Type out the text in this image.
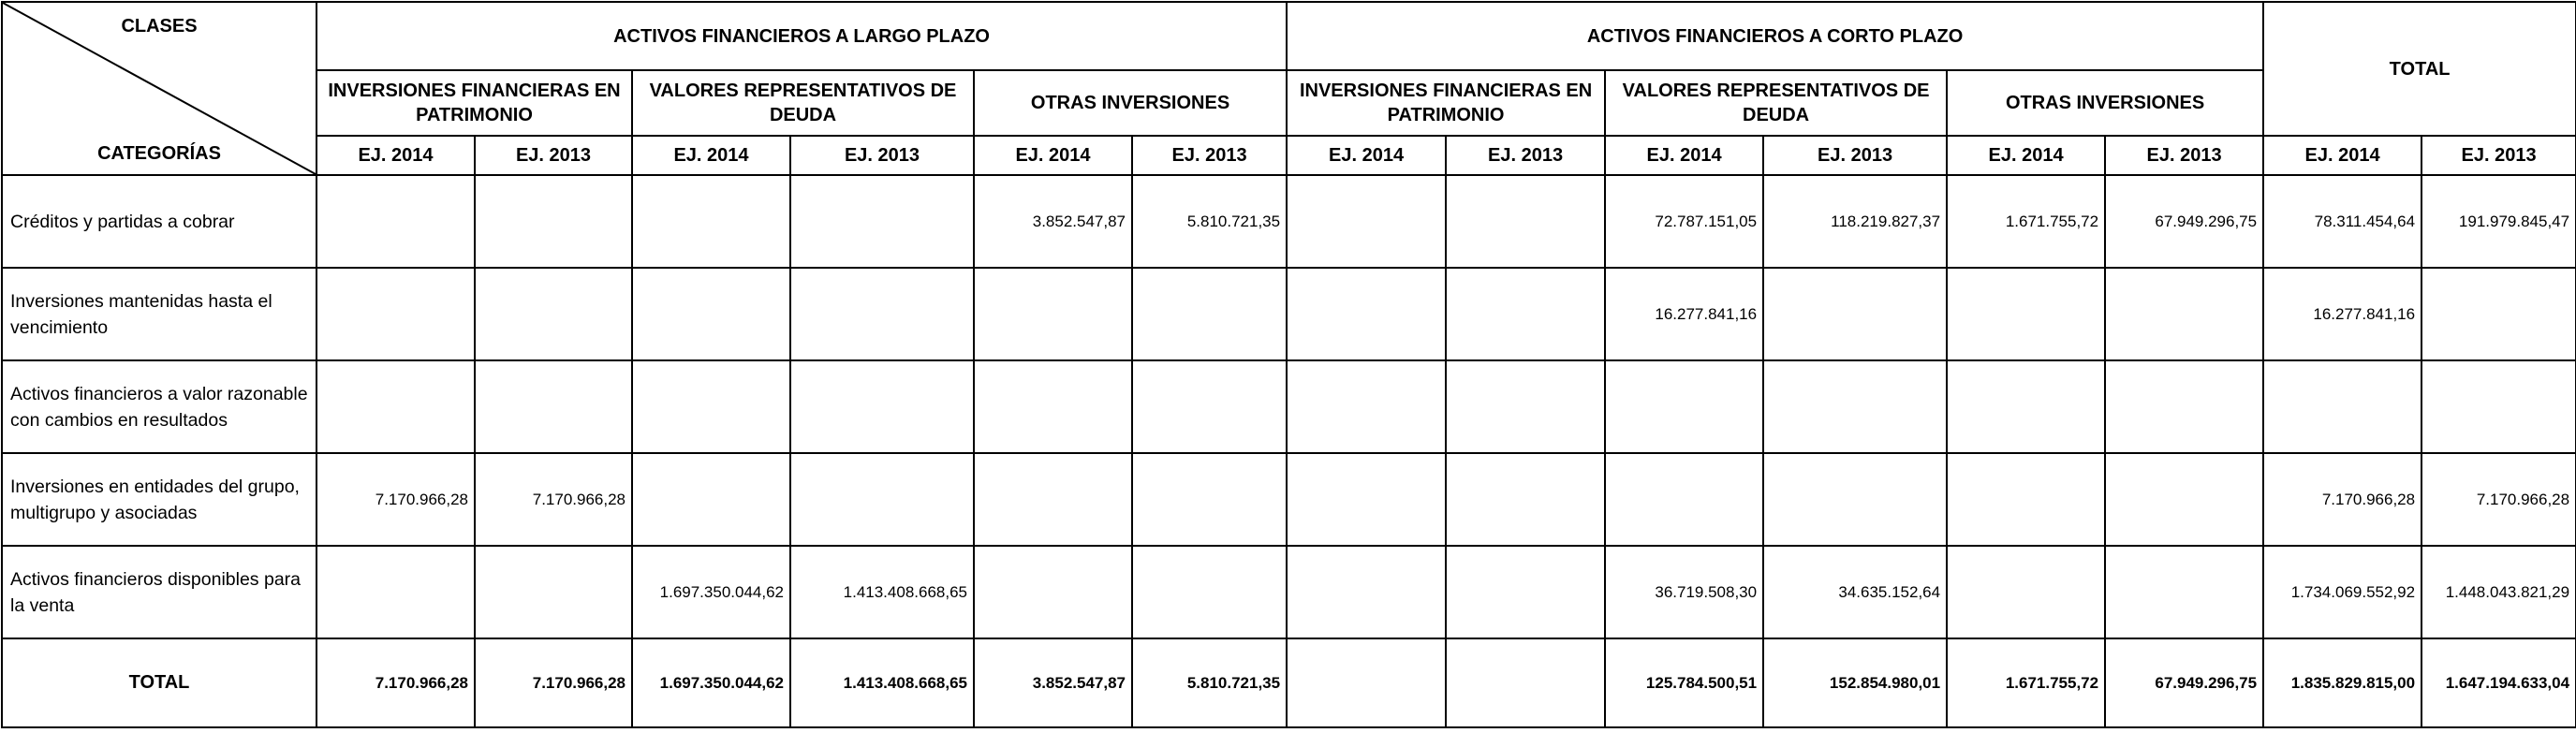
CLASES
CATEGORÍAS	ACTIVOS FINANCIEROS A LARGO PLAZO						ACTIVOS FINANCIEROS A CORTO PLAZO						TOTAL	
	INVERSIONES FINANCIERAS EN PATRIMONIO		VALORES REPRESENTATIVOS DE DEUDA		OTRAS INVERSIONES		INVERSIONES FINANCIERAS EN PATRIMONIO		VALORES REPRESENTATIVOS DE DEUDA		OTRAS INVERSIONES			
	EJ. 2014	EJ. 2013	EJ. 2014	EJ. 2013	EJ. 2014	EJ. 2013	EJ. 2014	EJ. 2013	EJ. 2014	EJ. 2013	EJ. 2014	EJ. 2013	EJ. 2014	EJ. 2013
Créditos y partidas a cobrar					3.852.547,87	5.810.721,35			72.787.151,05	118.219.827,37	1.671.755,72	67.949.296,75	78.311.454,64	191.979.845,47
Inversiones mantenidas hasta el vencimiento									16.277.841,16				16.277.841,16	
Activos financieros a valor razonable con cambios en resultados														
Inversiones en entidades del grupo, multigrupo y asociadas	7.170.966,28	7.170.966,28											7.170.966,28	7.170.966,28
Activos financieros disponibles para la venta			1.697.350.044,62	1.413.408.668,65					36.719.508,30	34.635.152,64			1.734.069.552,92	1.448.043.821,29
TOTAL	7.170.966,28	7.170.966,28	1.697.350.044,62	1.413.408.668,65	3.852.547,87	5.810.721,35			125.784.500,51	152.854.980,01	1.671.755,72	67.949.296,75	1.835.829.815,00	1.647.194.633,04
